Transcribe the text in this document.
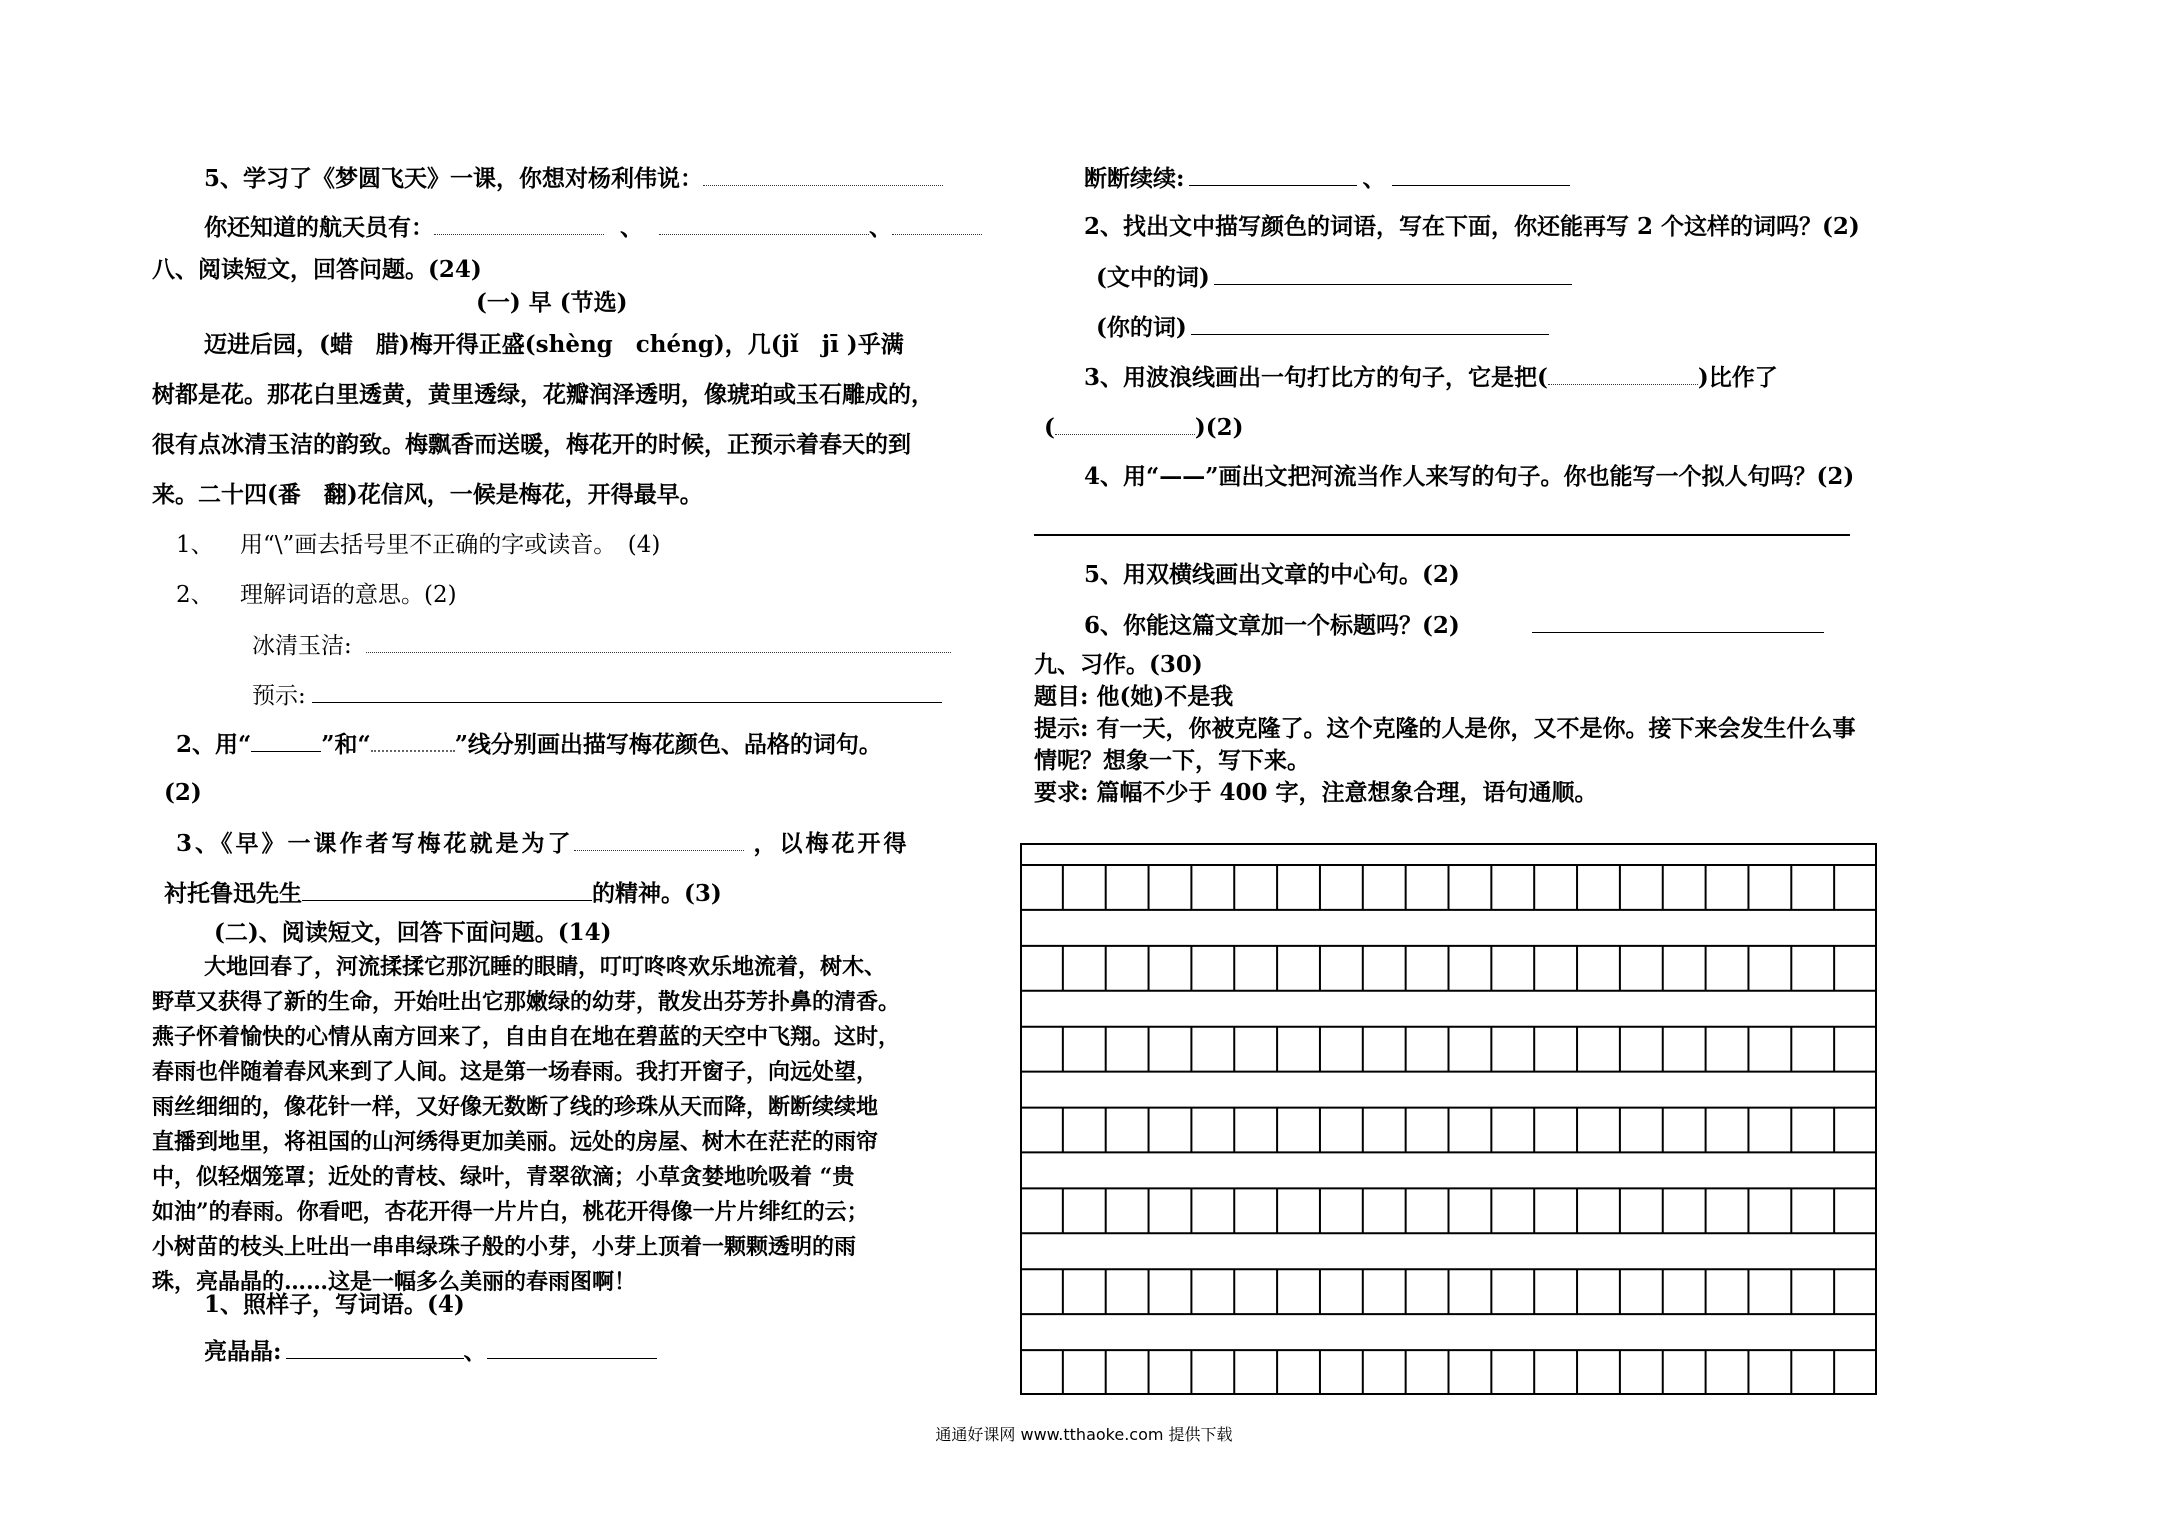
5、学习了《梦圆飞天》一课，你想对杨利伟说：
你还知道的航天员有：	、	、
八、阅读短文，回答问题。(24)
(一) 早 (节选)
迈进后园，(蜡　腊)梅开得正盛(shèng　chéng)，几(jǐ　jī )乎满
树都是花。那花白里透黄，黄里透绿，花瓣润泽透明，像琥珀或玉石雕成的，
很有点冰清玉洁的韵致。梅飘香而送暖，梅花开的时候，正预示着春天的到
来。二十四(番　翻)花信风，一候是梅花，开得最早。
1、 用“\”画去括号里不正确的字或读音。　(4)
2、 理解词语的意思。(2)
冰清玉洁:
预示:
2、用“	”和“	”线分别画出描写梅花颜色、品格的词句。
(2)
3、《早》一课作者写梅花就是为了	，以梅花开得
衬托鲁迅先生	的精神。(3)
(二)、阅读短文，回答下面问题。(14)
大地回春了，河流揉揉它那沉睡的眼睛，叮叮咚咚欢乐地流着，树木、
野草又获得了新的生命，开始吐出它那嫩绿的幼芽，散发出芬芳扑鼻的清香。
燕子怀着愉快的心情从南方回来了，自由自在地在碧蓝的天空中飞翔。这时，
春雨也伴随着春风来到了人间。这是第一场春雨。我打开窗子，向远处望，
雨丝细细的，像花针一样，又好像无数断了线的珍珠从天而降，断断续续地
直播到地里，将祖国的山河绣得更加美丽。远处的房屋、树木在茫茫的雨帘
中，似轻烟笼罩；近处的青枝、绿叶，青翠欲滴；小草贪婪地吮吸着 “贵
如油”的春雨。你看吧，杏花开得一片片白，桃花开得像一片片绯红的云；
小树苗的枝头上吐出一串串绿珠子般的小芽，小芽上顶着一颗颗透明的雨
珠，亮晶晶的……这是一幅多么美丽的春雨图啊！
1、照样子，写词语。(4)
亮晶晶:	、
断断续续:	、
2、找出文中描写颜色的词语，写在下面，你还能再写 2 个这样的词吗？(2)
(文中的词)
(你的词)
3、用波浪线画出一句打比方的句子，它是把(	)比作了
(	)(2)
4、用“——”画出文把河流当作人来写的句子。你也能写一个拟人句吗？(2)
5、用双横线画出文章的中心句。(2)
6、你能这篇文章加一个标题吗？(2)
九、习作。(30)
题目: 他(她)不是我
提示: 有一天，你被克隆了。这个克隆的人是你，又不是你。接下来会发生什么事
情呢？想象一下，写下来。
要求: 篇幅不少于 400 字，注意想象合理，语句通顺。
通通好课网 www.tthaoke.com 提供下载
